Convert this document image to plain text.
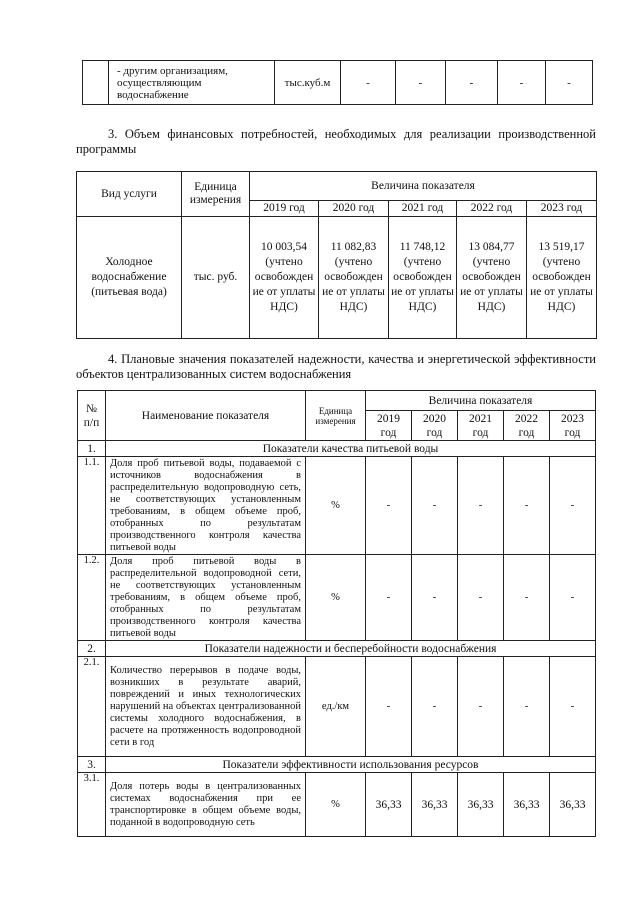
	- другим организациям, осуществляющим водоснабжение	тыс.куб.м	-	-	-	-	-
3. Объем финансовых потребностей, необходимых для реализации производственной программы
Вид услуги	Единица измерения	Величина показателя				
		2019 год	2020 год	2021 год	2022 год	2023 год
Холодное водоснабжение (питьевая вода)	тыс. руб.	10 003,54 (учтено освобожден ие от уплаты НДС)	11 082,83 (учтено освобожден ие от уплаты НДС)	11 748,12 (учтено освобожден ие от уплаты НДС)	13 084,77 (учтено освобожден ие от уплаты НДС)	13 519,17 (учтено освобожден ие от уплаты НДС)
4. Плановые значения показателей надежности, качества и энергетической эффективности объектов централизованных систем водоснабжения
№ п/п	Наименование показателя	Единица измерения	Величина показателя				
			2019 год	2020 год	2021 год	2022 год	2023 год
1.	Показатели качества питьевой воды						
1.1.	Доля проб питьевой воды, подаваемой с источников водоснабжения в распределительную водопроводную сеть, не соответствующих установленным требованиям, в общем объеме проб, отобранных по результатам производственного контроля качества питьевой воды	%	-	-	-	-	-
1.2.	Доля проб питьевой воды в распределительной водопроводной сети, не соответствующих установленным требованиям, в общем объеме проб, отобранных по результатам производственного контроля качества питьевой воды	%	-	-	-	-	-
2.	Показатели надежности и бесперебойности водоснабжения						
2.1.	Количество перерывов в подаче воды, возникших в результате аварий, повреждений и иных технологических нарушений на объектах централизованной системы холодного водоснабжения, в расчете на протяженность водопроводной сети в год	ед./км	-	-	-	-	-
3.	Показатели эффективности использования ресурсов						
3.1.	Доля потерь воды в централизованных системах водоснабжения при ее транспортировке в общем объеме воды, поданной в водопроводную сеть	%	36,33	36,33	36,33	36,33	36,33
